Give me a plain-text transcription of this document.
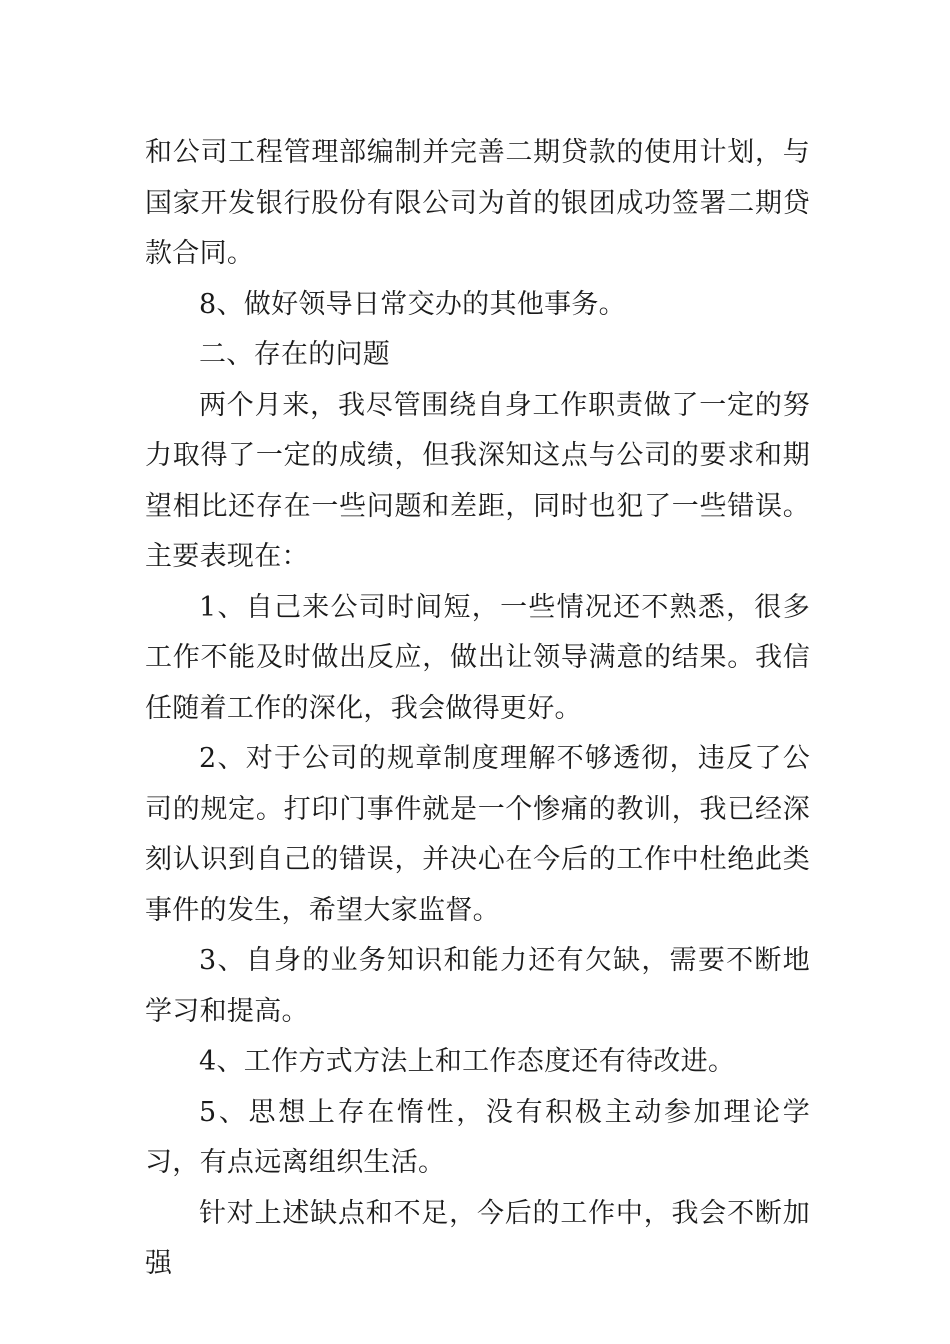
和公司工程管理部编制并完善二期贷款的使用计划，与国家开发银行股份有限公司为首的银团成功签署二期贷款合同。

8、做好领导日常交办的其他事务。

二、存在的问题

两个月来，我尽管围绕自身工作职责做了一定的努力取得了一定的成绩，但我深知这点与公司的要求和期望相比还存在一些问题和差距，同时也犯了一些错误。主要表现在：

1、自己来公司时间短，一些情况还不熟悉，很多工作不能及时做出反应，做出让领导满意的结果。我信任随着工作的深化，我会做得更好。

2、对于公司的规章制度理解不够透彻，违反了公司的规定。打印门事件就是一个惨痛的教训，我已经深刻认识到自己的错误，并决心在今后的工作中杜绝此类事件的发生，希望大家监督。

3、自身的业务知识和能力还有欠缺，需要不断地学习和提高。

4、工作方式方法上和工作态度还有待改进。

5、思想上存在惰性，没有积极主动参加理论学习，有点远离组织生活。

针对上述缺点和不足，今后的工作中，我会不断加强
